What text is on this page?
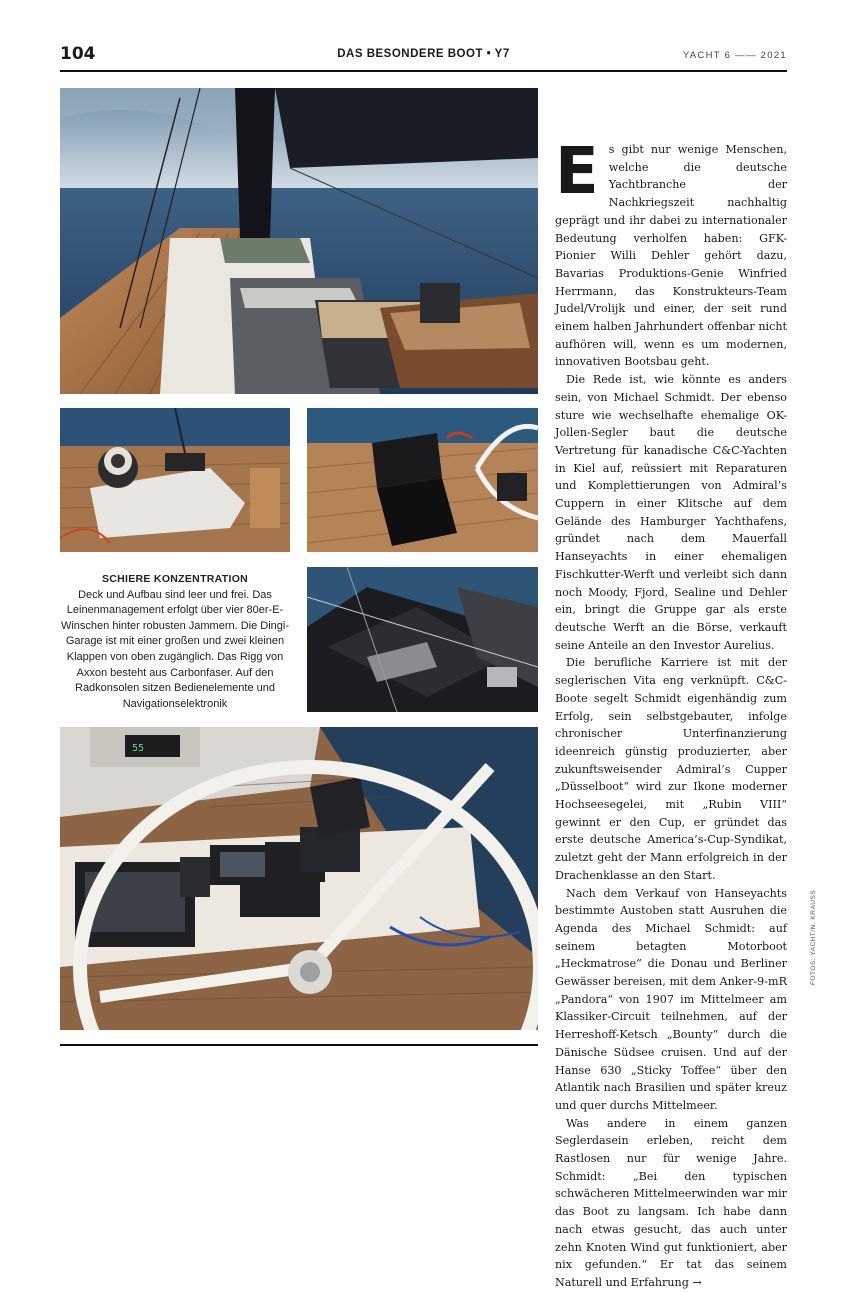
104	DAS BESONDERE BOOT • Y7	YACHT 6 —— 2021
SCHIERE KONZENTRATION
Deck und Aufbau sind leer und frei. Das Leinenmanagement erfolgt über vier 80er-E-Winschen hinter robusten Jammern. Die Dingi-Garage ist mit einer großen und zwei kleinen Klappen von oben zugänglich. Das Rigg von Axxon besteht aus Carbonfaser. Auf den Radkonsolen sitzen Bedienelemente und Navigationselektronik
55

Es gibt nur wenige Menschen, welche die deutsche Yachtbranche der Nachkriegszeit nachhaltig geprägt und ihr dabei zu internationaler Bedeutung verholfen haben: GFK-Pionier Willi Dehler gehört dazu, Bavarias Produktions-Genie Winfried Herrmann, das Konstrukteurs-Team Judel/Vrolijk und einer, der seit rund einem halben Jahrhundert offenbar nicht aufhören will, wenn es um modernen, innovativen Bootsbau geht.

Die Rede ist, wie könnte es anders sein, von Michael Schmidt. Der ebenso sture wie wechselhafte ehemalige OK-Jollen-Segler baut die deutsche Vertretung für kanadische C&C-Yachten in Kiel auf, reüssiert mit Reparaturen und Komplettierungen von Admiral’s Cuppern in einer Klitsche auf dem Gelände des Hamburger Yachthafens, gründet nach dem Mauerfall Hanseyachts in einer ehemaligen Fischkutter-Werft und verleibt sich dann noch Moody, Fjord, Sealine und Dehler ein, bringt die Gruppe gar als erste deutsche Werft an die Börse, verkauft seine Anteile an den Investor Aurelius.

Die berufliche Karriere ist mit der seglerischen Vita eng verknüpft. C&C-Boote segelt Schmidt eigenhändig zum Erfolg, sein selbstgebauter, infolge chronischer Unterfinanzierung ideenreich günstig produzierter, aber zukunftsweisender Admiral’s Cupper „Düsselboot“ wird zur Ikone moderner Hochseesegelei, mit „Rubin VIII“ gewinnt er den Cup, er gründet das erste deutsche America’s-Cup-Syndikat, zuletzt geht der Mann erfolgreich in der Drachenklasse an den Start.

Nach dem Verkauf von Hanseyachts bestimmte Austoben statt Ausruhen die Agenda des Michael Schmidt: auf seinem betagten Motorboot „Heckmatrose“ die Donau und Berliner Gewässer bereisen, mit dem Anker-9-mR „Pandora“ von 1907 im Mittelmeer am Klassiker-Circuit teilnehmen, auf der Herreshoff-Ketsch „Bounty“ durch die Dänische Südsee cruisen. Und auf der Hanse 630 „Sticky Toffee“ über den Atlantik nach Brasilien und später kreuz und quer durchs Mittelmeer.

Was andere in einem ganzen Seglerdasein erleben, reicht dem Rastlosen nur für wenige Jahre. Schmidt: „Bei den typischen schwächeren Mittelmeerwinden war mir das Boot zu langsam. Ich habe dann nach etwas gesucht, das auch unter zehn Knoten Wind gut funktioniert, aber nix gefunden.“ Er tat das seinem Naturell und Erfahrung →

FOTOS: YACHT/N. KRAUSS
